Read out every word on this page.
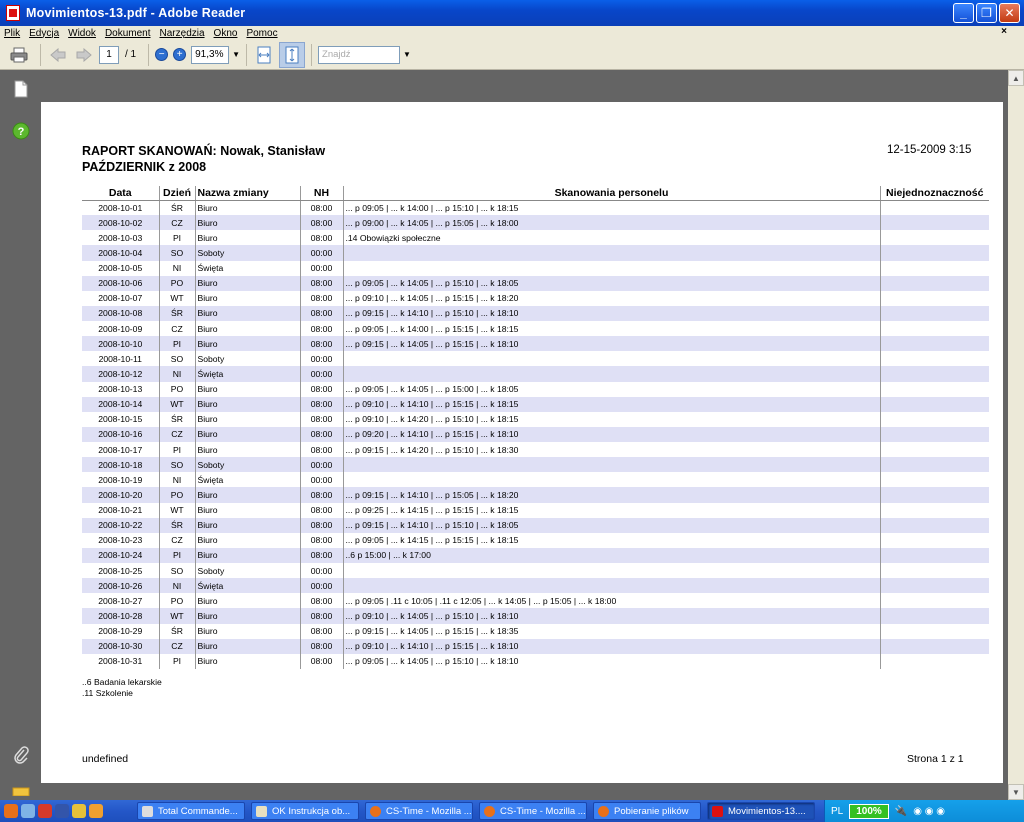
Movimientos-13.pdf - Adobe Reader	_	❐	✕
Plik Edycja Widok Dokument Narzędzia Okno Pomoc	×
1	/ 1	−	+	91,3%	▼	Znajdź	▼
?
▲
▼
RAPORT SKANOWAŃ: Nowak, Stanisław
PAŹDZIERNIK z 2008
12-15-2009 3:15
Data	Dzień	Nazwa zmiany	NH	Skanowania personelu	Niejednoznaczność
2008-10-01	ŚR	Biuro	08:00	... p 09:05 | ... k 14:00 | ... p 15:10 | ... k 18:15	
2008-10-02	CZ	Biuro	08:00	... p 09:00 | ... k 14:05 | ... p 15:05 | ... k 18:00	
2008-10-03	PI	Biuro	08:00	.14 Obowiązki społeczne	
2008-10-04	SO	Soboty	00:00		
2008-10-05	NI	Święta	00:00		
2008-10-06	PO	Biuro	08:00	... p 09:05 | ... k 14:05 | ... p 15:10 | ... k 18:05	
2008-10-07	WT	Biuro	08:00	... p 09:10 | ... k 14:05 | ... p 15:15 | ... k 18:20	
2008-10-08	ŚR	Biuro	08:00	... p 09:15 | ... k 14:10 | ... p 15:10 | ... k 18:10	
2008-10-09	CZ	Biuro	08:00	... p 09:05 | ... k 14:00 | ... p 15:15 | ... k 18:15	
2008-10-10	PI	Biuro	08:00	... p 09:15 | ... k 14:05 | ... p 15:15 | ... k 18:10	
2008-10-11	SO	Soboty	00:00		
2008-10-12	NI	Święta	00:00		
2008-10-13	PO	Biuro	08:00	... p 09:05 | ... k 14:05 | ... p 15:00 | ... k 18:05	
2008-10-14	WT	Biuro	08:00	... p 09:10 | ... k 14:10 | ... p 15:15 | ... k 18:15	
2008-10-15	ŚR	Biuro	08:00	... p 09:10 | ... k 14:20 | ... p 15:10 | ... k 18:15	
2008-10-16	CZ	Biuro	08:00	... p 09:20 | ... k 14:10 | ... p 15:15 | ... k 18:10	
2008-10-17	PI	Biuro	08:00	... p 09:15 | ... k 14:20 | ... p 15:10 | ... k 18:30	
2008-10-18	SO	Soboty	00:00		
2008-10-19	NI	Święta	00:00		
2008-10-20	PO	Biuro	08:00	... p 09:15 | ... k 14:10 | ... p 15:05 | ... k 18:20	
2008-10-21	WT	Biuro	08:00	... p 09:25 | ... k 14:15 | ... p 15:15 | ... k 18:15	
2008-10-22	ŚR	Biuro	08:00	... p 09:15 | ... k 14:10 | ... p 15:10 | ... k 18:05	
2008-10-23	CZ	Biuro	08:00	... p 09:05 | ... k 14:15 | ... p 15:15 | ... k 18:15	
2008-10-24	PI	Biuro	08:00	..6 p 15:00 | ... k 17:00	
2008-10-25	SO	Soboty	00:00		
2008-10-26	NI	Święta	00:00		
2008-10-27	PO	Biuro	08:00	... p 09:05 | .11 c 10:05 | .11 c 12:05 | ... k 14:05 | ... p 15:05 | ... k 18:00	
2008-10-28	WT	Biuro	08:00	... p 09:10 | ... k 14:05 | ... p 15:10 | ... k 18:10	
2008-10-29	ŚR	Biuro	08:00	... p 09:15 | ... k 14:05 | ... p 15:15 | ... k 18:35	
2008-10-30	CZ	Biuro	08:00	... p 09:10 | ... k 14:10 | ... p 15:15 | ... k 18:10	
2008-10-31	PI	Biuro	08:00	... p 09:05 | ... k 14:05 | ... p 15:10 | ... k 18:10	
..6 Badania lekarskie
.11 Szkolenie
undefined	Strona 1 z 1
Total Commande...	OK Instrukcja ob...	CS-Time - Mozilla ...	CS-Time - Mozilla ...	Pobieranie plików	Movimientos-13....	PL	100%	🔌 ◉ ◉ ◉
